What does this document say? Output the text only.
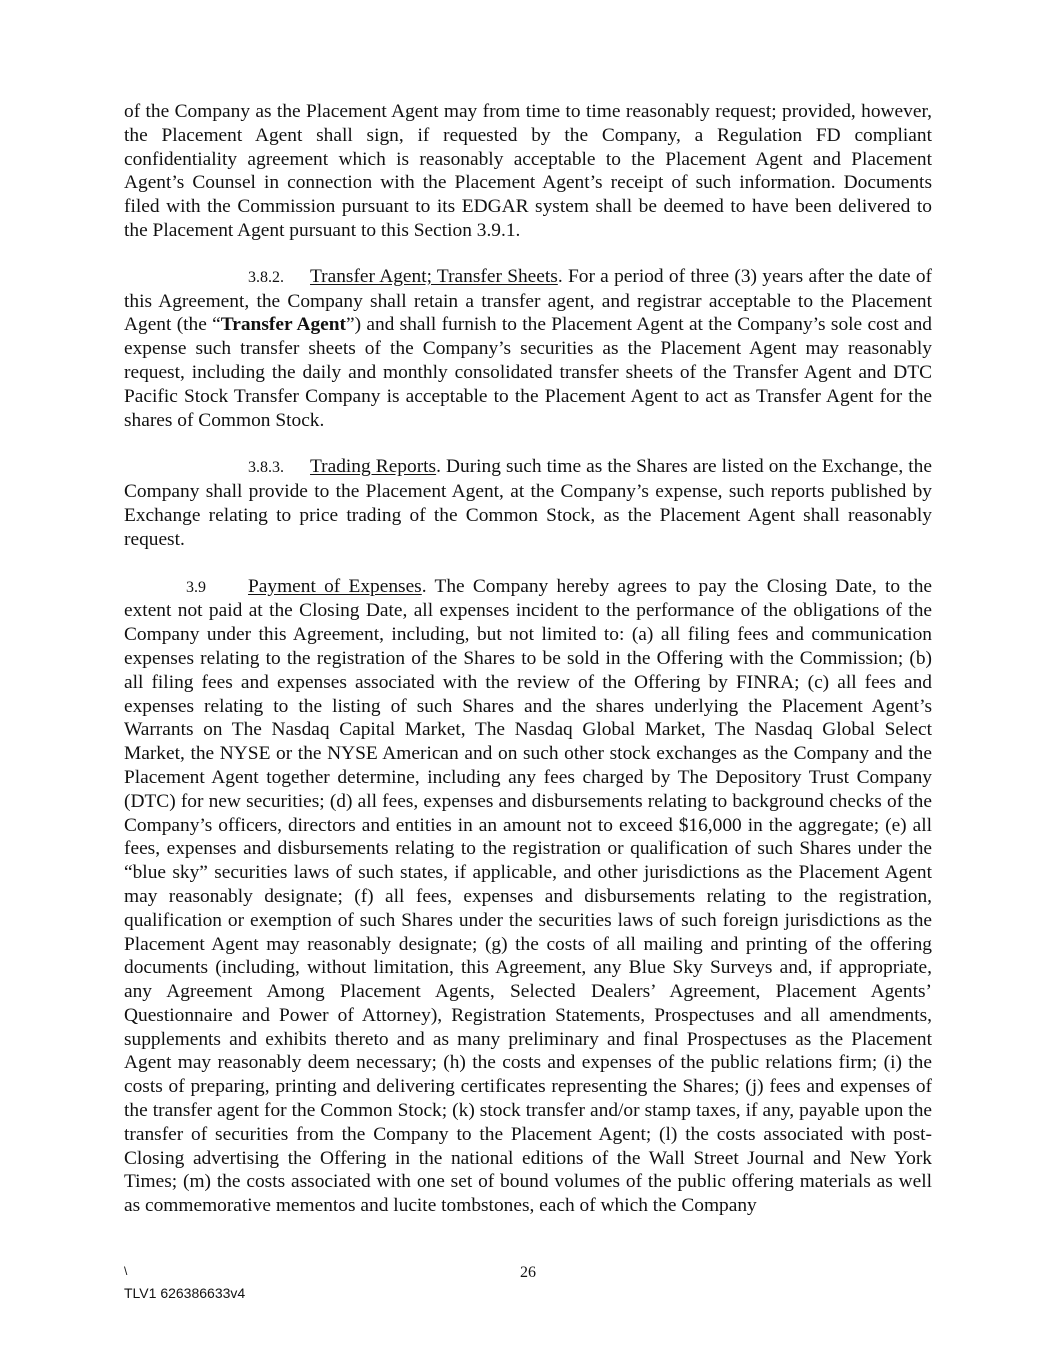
of the Company as the Placement Agent may from time to time reasonably request; provided, however, the Placement Agent shall sign, if requested by the Company, a Regulation FD compliant confidentiality agreement which is reasonably acceptable to the Placement Agent and Placement Agent’s Counsel in connection with the Placement Agent’s receipt of such information. Documents filed with the Commission pursuant to its EDGAR system shall be deemed to have been delivered to the Placement Agent pursuant to this Section 3.9.1.

3.8.2. Transfer Agent; Transfer Sheets. For a period of three (3) years after the date of this Agreement, the Company shall retain a transfer agent, and registrar acceptable to the Placement Agent (the “Transfer Agent”) and shall furnish to the Placement Agent at the Company’s sole cost and expense such transfer sheets of the Company’s securities as the Placement Agent may reasonably request, including the daily and monthly consolidated transfer sheets of the Transfer Agent and DTC Pacific Stock Transfer Company is acceptable to the Placement Agent to act as Transfer Agent for the shares of Common Stock.

3.8.3. Trading Reports. During such time as the Shares are listed on the Exchange, the Company shall provide to the Placement Agent, at the Company’s expense, such reports published by Exchange relating to price trading of the Common Stock, as the Placement Agent shall reasonably request.

3.9 Payment of Expenses. The Company hereby agrees to pay the Closing Date, to the extent not paid at the Closing Date, all expenses incident to the performance of the obligations of the Company under this Agreement, including, but not limited to: (a) all filing fees and communication expenses relating to the registration of the Shares to be sold in the Offering with the Commission; (b) all filing fees and expenses associated with the review of the Offering by FINRA; (c) all fees and expenses relating to the listing of such Shares and the shares underlying the Placement Agent’s Warrants on The Nasdaq Capital Market, The Nasdaq Global Market, The Nasdaq Global Select Market, the NYSE or the NYSE American and on such other stock exchanges as the Company and the Placement Agent together determine, including any fees charged by The Depository Trust Company (DTC) for new securities; (d) all fees, expenses and disbursements relating to background checks of the Company’s officers, directors and entities in an amount not to exceed $16,000 in the aggregate; (e) all fees, expenses and disbursements relating to the registration or qualification of such Shares under the “blue sky” securities laws of such states, if applicable, and other jurisdictions as the Placement Agent may reasonably designate; (f) all fees, expenses and disbursements relating to the registration, qualification or exemption of such Shares under the securities laws of such foreign jurisdictions as the Placement Agent may reasonably designate; (g) the costs of all mailing and printing of the offering documents (including, without limitation, this Agreement, any Blue Sky Surveys and, if appropriate, any Agreement Among Placement Agents, Selected Dealers’ Agreement, Placement Agents’ Questionnaire and Power of Attorney), Registration Statements, Prospectuses and all amendments, supplements and exhibits thereto and as many preliminary and final Prospectuses as the Placement Agent may reasonably deem necessary; (h) the costs and expenses of the public relations firm; (i) the costs of preparing, printing and delivering certificates representing the Shares; (j) fees and expenses of the transfer agent for the Common Stock; (k) stock transfer and/or stamp taxes, if any, payable upon the transfer of securities from the Company to the Placement Agent; (l) the costs associated with post-Closing advertising the Offering in the national editions of the Wall Street Journal and New York Times; (m) the costs associated with one set of bound volumes of the public offering materials as well as commemorative mementos and lucite tombstones, each of which the Company

\	26
TLV1 626386633v4
